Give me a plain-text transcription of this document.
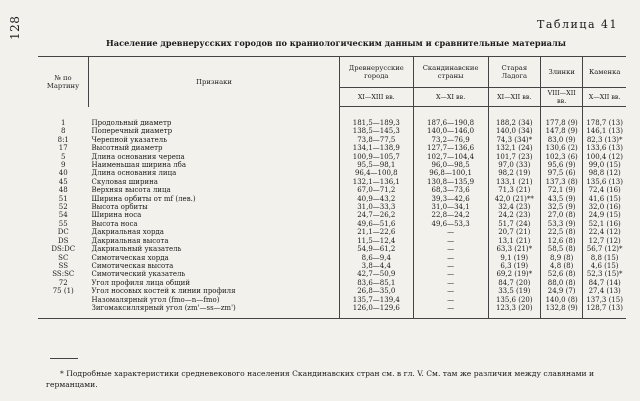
128	Таблица 41
Население древнерусских городов по краниологическим данным и сравнительные материалы
№ по Мартину	Признаки	Древнерусские города	Скандинавские страны	Старая Ладога	Злинки	Каменка
		XI—XIII вв.	X—XI вв.	XI—XII вв.	VIII—XII вв.	X—XII вв.
1	Продольный диаметр	181,5—189,3	187,6—190,8	188,2 (34)	177,8 (9)	178,7 (13)
8	Поперечный диаметр	138,5—145,3	140,0—146,0	140,0 (34)	147,8 (9)	146,1 (13)
8:1	Черепной указатель	73,8—77,5	73,2—76,9	74,3 (34)*	83,0 (9)	82,3 (13)*
17	Высотный диаметр	134,1—138,9	127,7—136,6	132,1 (24)	130,6 (2)	133,6 (13)
5	Длина основания черепа	100,9—105,7	102,7—104,4	101,7 (23)	102,3 (6)	100,4 (12)
9	Наименьшая ширина лба	95,5—98,1	96,0—98,5	97,0 (33)	95,6 (9)	99,0 (15)
40	Длина основания лица	96,4—100,8	96,8—100,1	98,2 (19)	97,5 (6)	98,8 (12)
45	Скуловая ширина	132,1—136,1	130,8—135,9	133,1 (21)	137,3 (8)	135,6 (13)
48	Верхняя высота лица	67,0—71,2	68,3—73,6	71,3 (21)	72,1 (9)	72,4 (16)
51	Ширина орбиты от mf (лев.)	40,9—43,2	39,3—42,6	42,0 (21)**	43,5 (9)	41,6 (15)
52	Высота орбиты	31,0—33,3	31,0—34,1	32,4 (23)	32,5 (9)	32,0 (16)
54	Ширина носа	24,7—26,2	22,8—24,2	24,2 (23)	27,0 (8)	24,9 (15)
55	Высота носа	49,6—51,6	49,6—53,3	51,7 (24)	53,3 (9)	52,1 (16)
DC	Дакриальная хорда	21,1—22,6	—	20,7 (21)	22,5 (8)	22,4 (12)
DS	Дакриальная высота	11,5—12,4	—	13,1 (21)	12,6 (8)	12,7 (12)
DS:DC	Дакриальный указатель	54,9—61,2	—	63,3 (21)*	58,5 (8)	56,7 (12)*
SC	Симотическая хорда	8,6—9,4	—	9,1 (19)	8,9 (8)	8,8 (15)
SS	Симотическая высота	3,8—4,4	—	6,3 (19)	4,8 (8)	4,6 (15)
SS:SC	Симотический указатель	42,7—50,9	—	69,2 (19)*	52,6 (8)	52,3 (15)*
72	Угол профиля лица общий	83,6—85,1	—	84,7 (20)	88,0 (8)	84,7 (14)
75 (1)	Угол носовых костей к линии профиля	26,8—35,0	—	33,5 (19)	24,9 (7)	27,4 (13)
	Назомалярный угол (fmo—n—fmo)	135,7—139,4	—	135,6 (20)	140,0 (8)	137,3 (15)
	Зигомаксиллярный угол (zm'—ss—zm')	126,0—129,6	—	123,3 (20)	132,8 (9)	128,7 (13)
* Подробные характеристики средневекового населения Скандинавских стран см. в гл. V. См. там же различия между славянами и германцами.
